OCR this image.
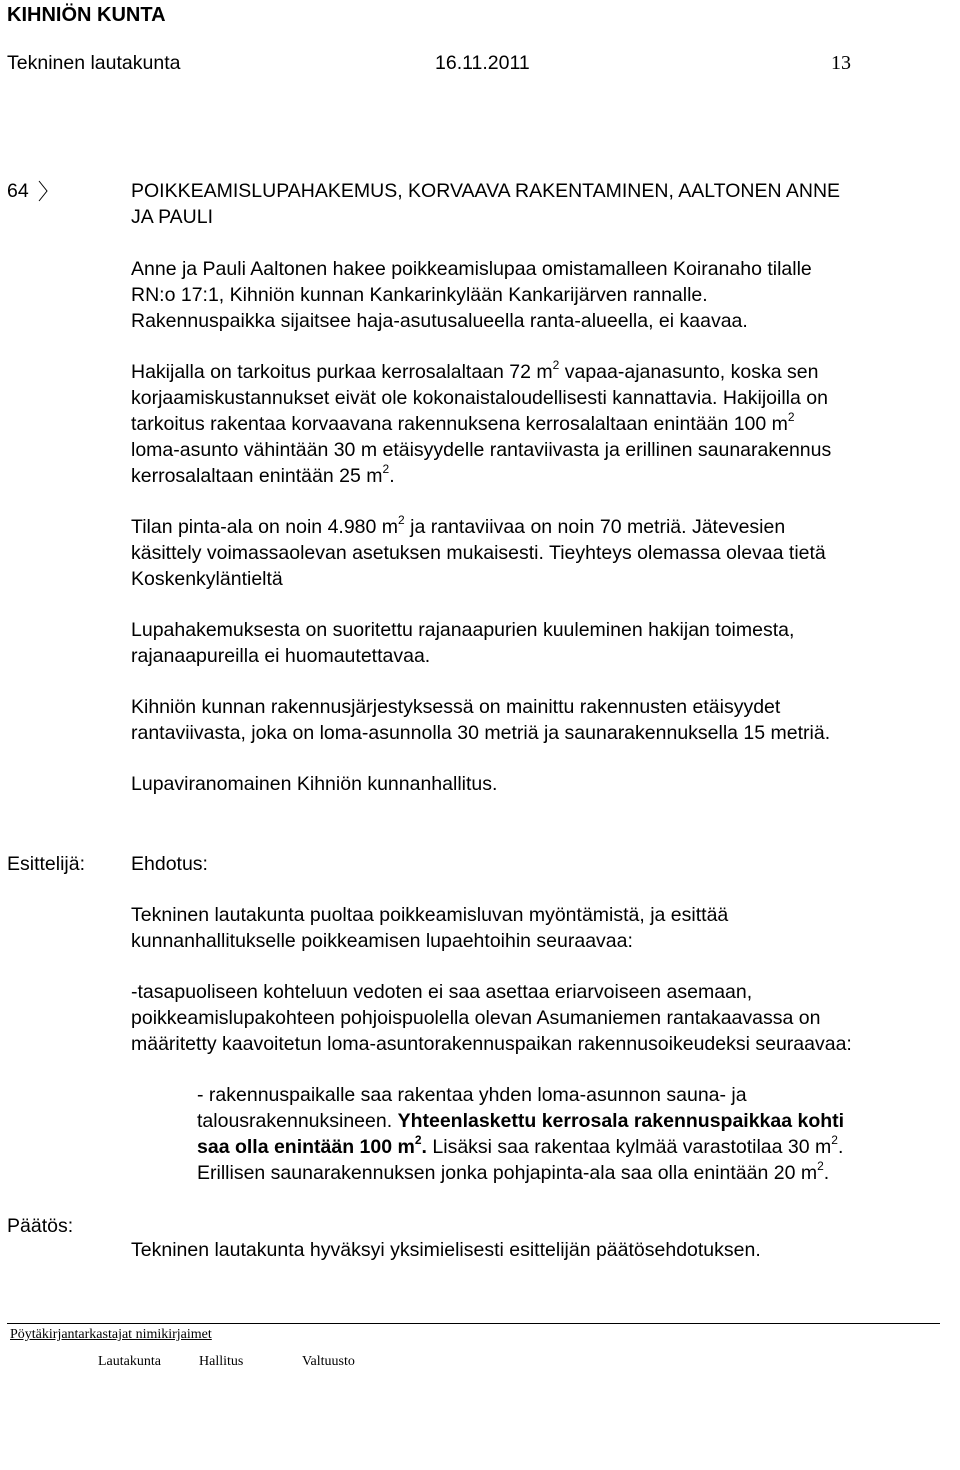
KIHNIÖN KUNTA
Tekninen lautakunta	16.11.2011	13
64	POIKKEAMISLUPAHAKEMUS, KORVAAVA RAKENTAMINEN, AALTONEN ANNE
JA PAULI
Anne ja Pauli Aaltonen hakee poikkeamislupaa omistamalleen Koiranaho tilalle
RN:o 17:1, Kihniön kunnan Kankarinkylään Kankarijärven rannalle.
Rakennuspaikka sijaitsee haja-asutusalueella ranta-alueella, ei kaavaa.
Hakijalla on tarkoitus purkaa kerrosalaltaan 72 $m^2$ vapaa-ajanasunto, koska sen
korjaamiskustannukset eivät ole kokonaistaloudellisesti kannattavia. Hakijoilla on
tarkoitus rakentaa korvaavana rakennuksena kerrosalaltaan enintään 100 $m^2$
loma-asunto vähintään 30 m etäisyydelle rantaviivasta ja erillinen saunarakennus
kerrosalaltaan enintään 25 $m^2$.
Tilan pinta-ala on noin 4.980 $m^2$ ja rantaviivaa on noin 70 metriä. Jätevesien
käsittely voimassaolevan asetuksen mukaisesti. Tieyhteys olemassa olevaa tietä
Koskenkyläntieltä
Lupahakemuksesta on suoritettu rajanaapurien kuuleminen hakijan toimesta,
rajanaapureilla ei huomautettavaa.
Kihniön kunnan rakennusjärjestyksessä on mainittu rakennusten etäisyydet
rantaviivasta, joka on loma-asunnolla 30 metriä ja saunarakennuksella 15 metriä.
Lupaviranomainen Kihniön kunnanhallitus.
Esittelijä: Ehdotus:
Tekninen lautakunta puoltaa poikkeamisluvan myöntämistä, ja esittää
kunnanhallitukselle poikkeamisen lupaehtoihin seuraavaa:
-tasapuoliseen kohteluun vedoten ei saa asettaa eriarvoiseen asemaan,
poikkeamislupakohteen pohjoispuolella olevan Asumaniemen rantakaavassa on
määritetty kaavoitetun loma-asuntorakennuspaikan rakennusoikeudeksi seuraavaa:
- rakennuspaikalle saa rakentaa yhden loma-asunnon sauna- ja
talousrakennuksineen. Yhteenlaskettu kerrosala rakennuspaikkaa kohti
saa olla enintään 100 $m^2$. Lisäksi saa rakentaa kylmää varastotilaa 30 $m^2$.
Erillisen saunarakennuksen jonka pohjapinta-ala saa olla enintään 20 $m^2$.
Päätös:
Tekninen lautakunta hyväksyi yksimielisesti esittelijän päätösehdotuksen.
Pöytäkirjantarkastajat nimikirjaimet
Lautakunta	Hallitus	Valtuusto
